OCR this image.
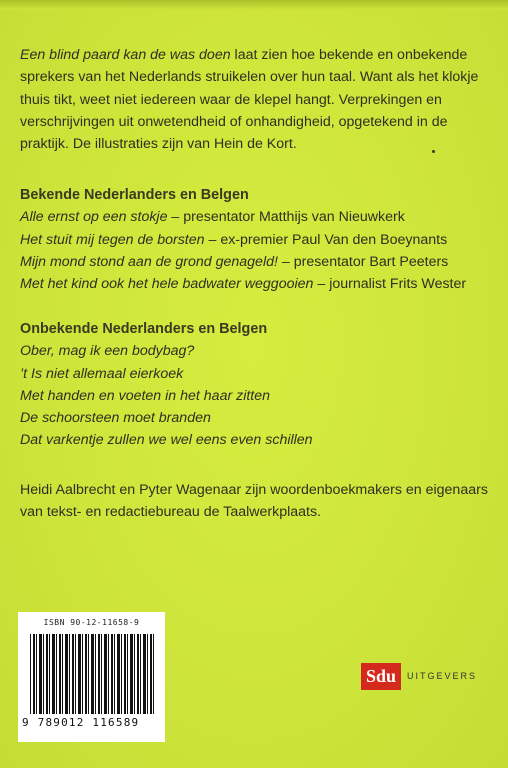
Een blind paard kan de was doen laat zien hoe bekende en onbekende sprekers van het Nederlands struikelen over hun taal. Want als het klokje thuis tikt, weet niet iedereen waar de klepel hangt. Verprekingen en verschrijvingen uit onwetendheid of onhandigheid, opgetekend in de praktijk. De illustraties zijn van Hein de Kort.

Bekende Nederlanders en Belgen

Alle ernst op een stokje – presentator Matthijs van Nieuwkerk

Het stuit mij tegen de borsten – ex-premier Paul Van den Boeynants

Mijn mond stond aan de grond genageld! – presentator Bart Peeters

Met het kind ook het hele badwater weggooien – journalist Frits Wester

Onbekende Nederlanders en Belgen

Ober, mag ik een bodybag?

’t Is niet allemaal eierkoek

Met handen en voeten in het haar zitten

De schoorsteen moet branden

Dat varkentje zullen we wel eens even schillen

Heidi Aalbrecht en Pyter Wagenaar zijn woordenboekmakers en eigenaars van tekst- en redactiebureau de Taalwerkplaats.

ISBN 90-12-11658-9
9 789012 116589
Sdu	UITGEVERS
